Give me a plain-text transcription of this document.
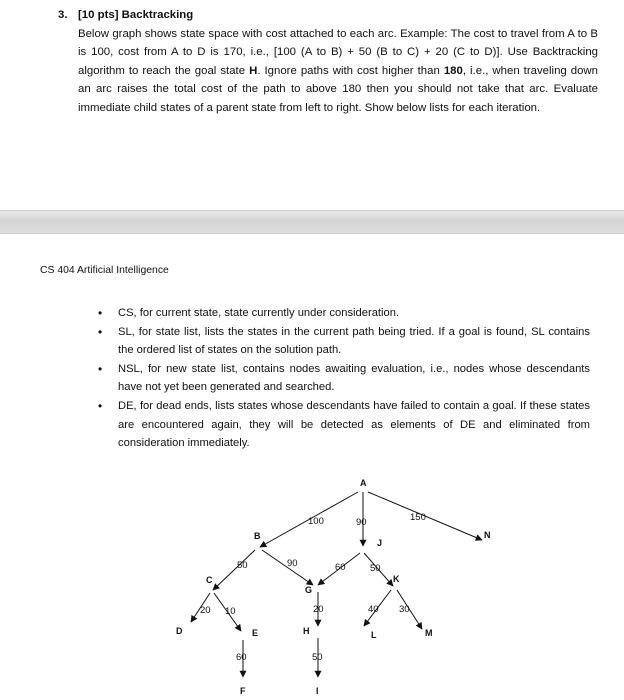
3. [10 pts] Backtracking
Below graph shows state space with cost attached to each arc. Example: The cost to travel from A to B is 100, cost from A to D is 170, i.e., [100 (A to B) + 50 (B to C) + 20 (C to D)]. Use Backtracking algorithm to reach the goal state H. Ignore paths with cost higher than 180, i.e., when traveling down an arc raises the total cost of the path to above 180 then you should not take that arc. Evaluate immediate child states of a parent state from left to right. Show below lists for each iteration.
CS 404 Artificial Intelligence
• CS, for current state, state currently under consideration.
• SL, for state list, lists the states in the current path being tried. If a goal is found, SL contains the ordered list of states on the solution path.
• NSL, for new state list, contains nodes awaiting evaluation, i.e., nodes whose descendants have not yet been generated and searched.
• DE, for dead ends, lists states whose descendants have failed to contain a goal. If these states are encountered again, they will be detected as elements of DE and eliminated from consideration immediately.
A
B	N
J
C
G
K
D	E	H	L	M
F	I
100	90	150
50	90	60	50
20 10	20	40 30
60	50
